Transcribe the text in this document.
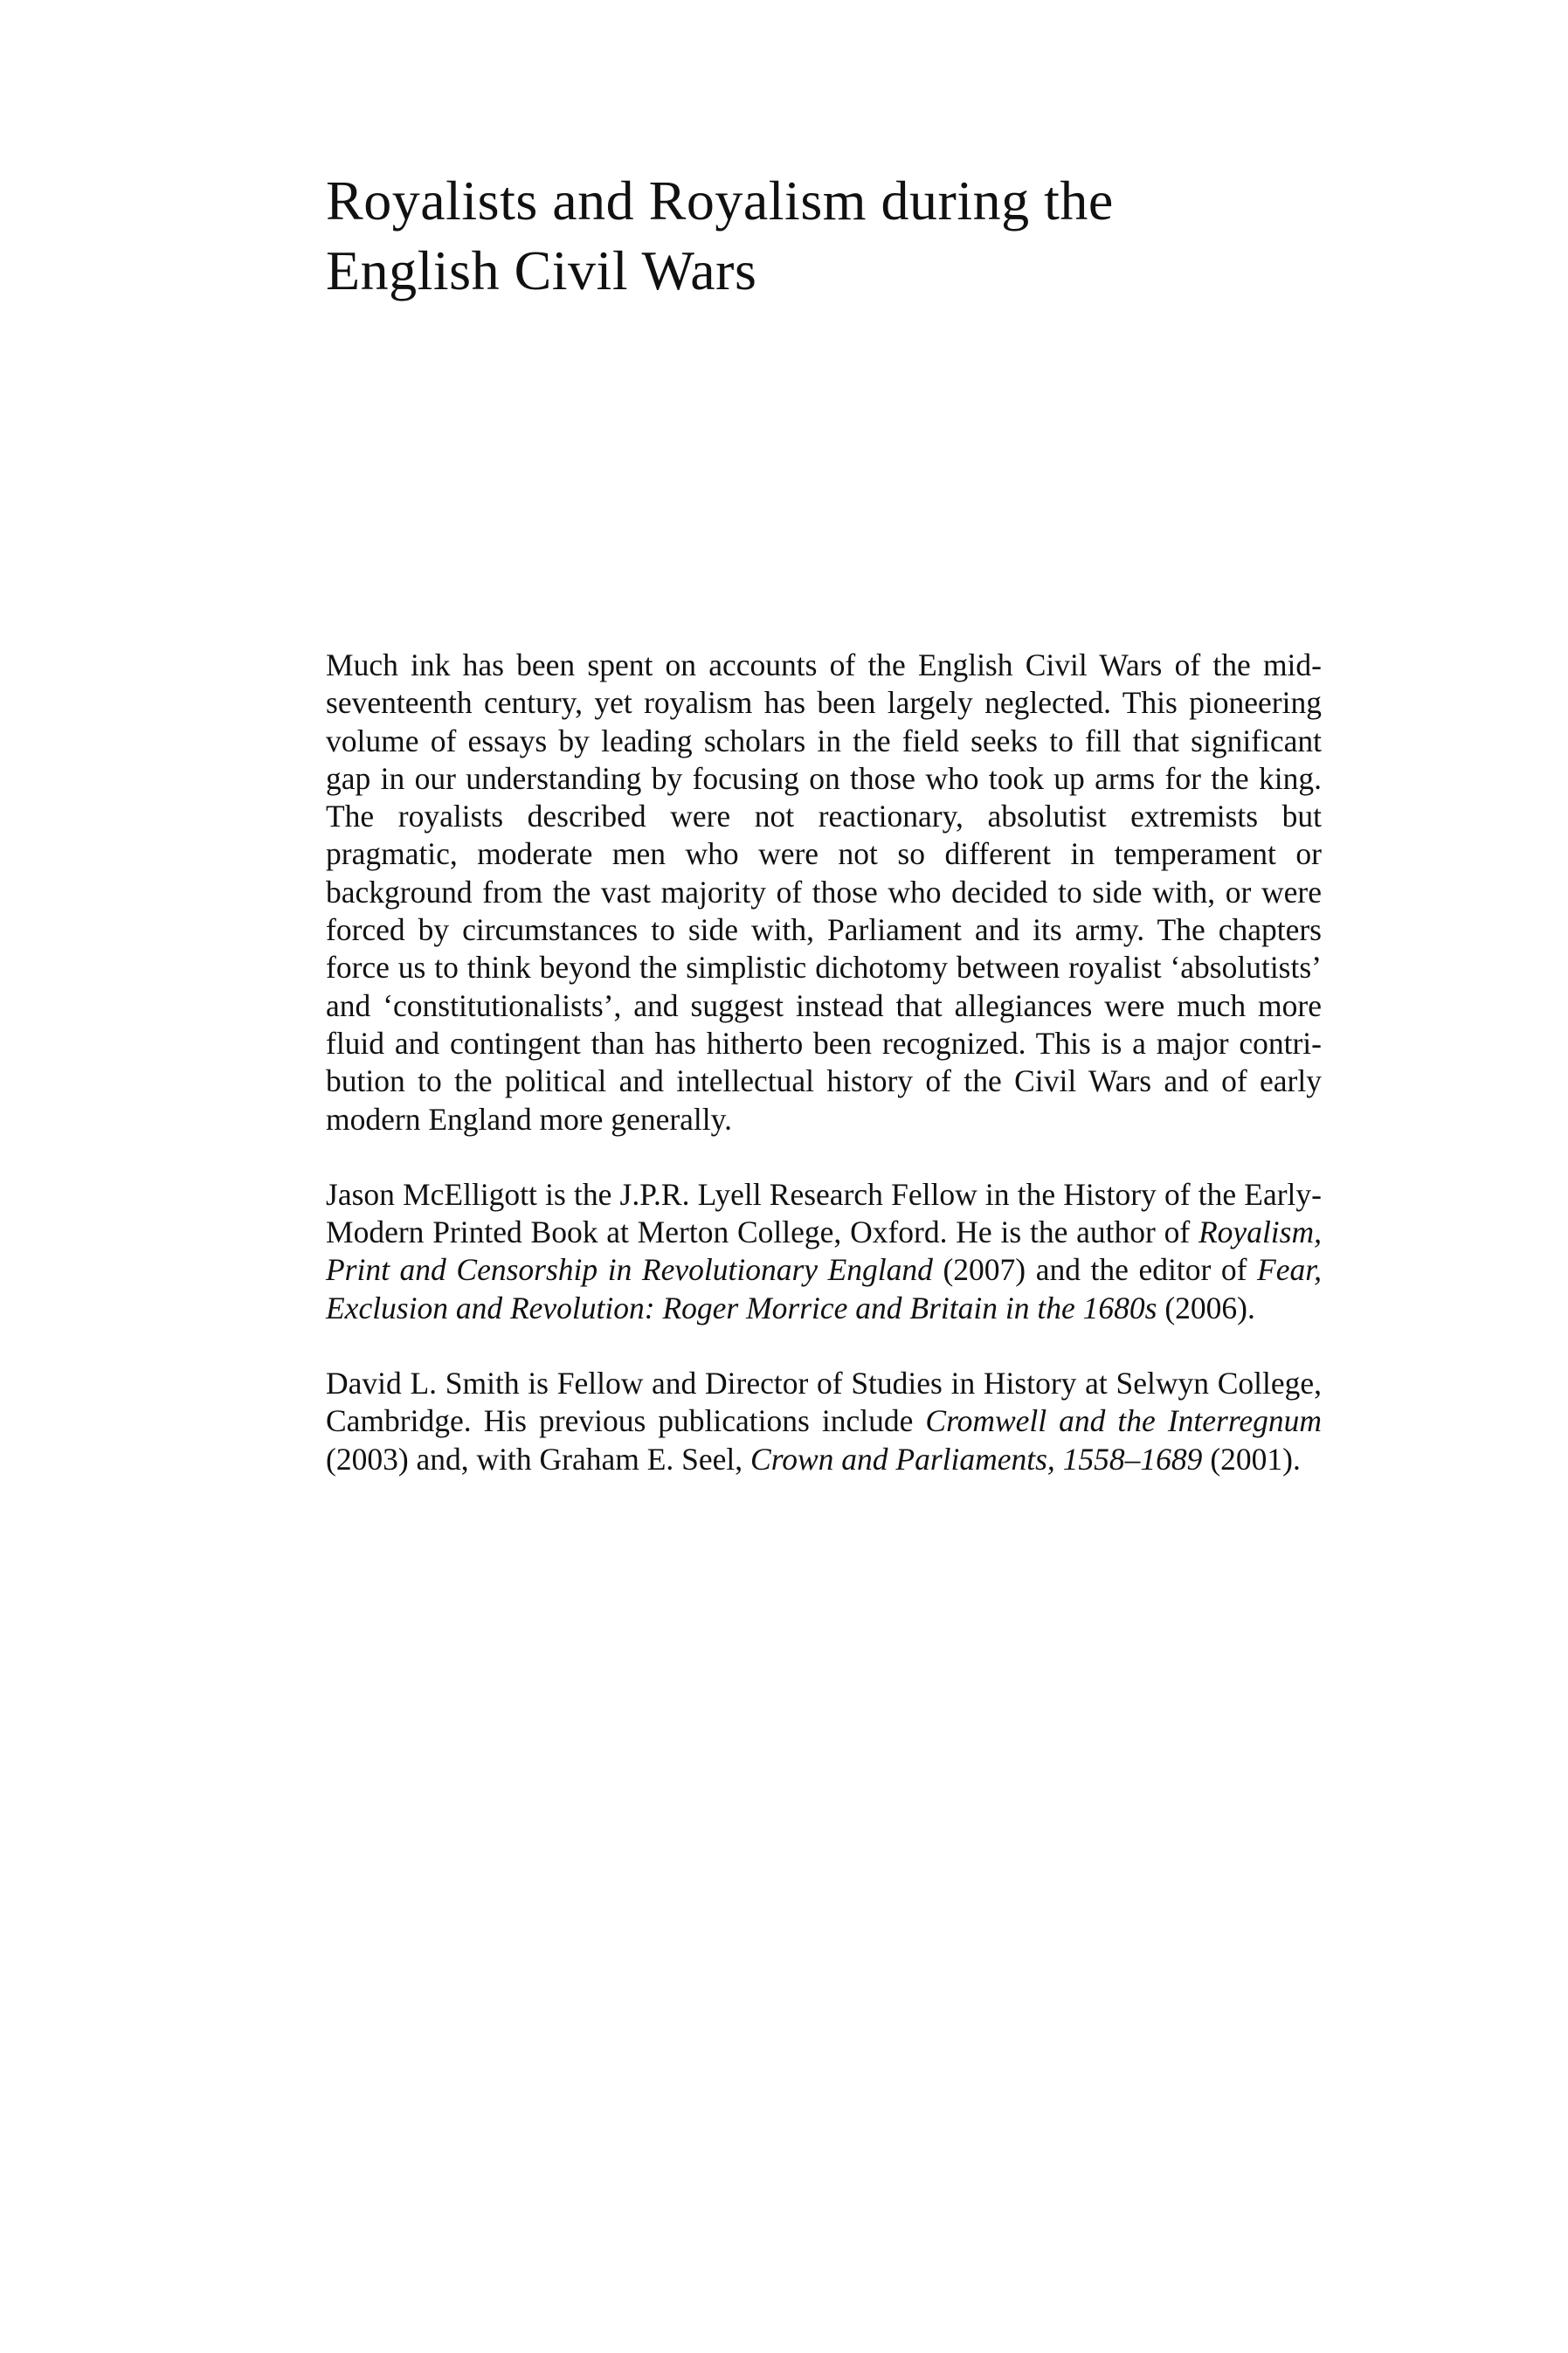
Royalists and Royalism during the
English Civil Wars

Much ink has been spent on accounts of the English Civil Wars of the mid-seventeenth century, yet royalism has been largely neglected. This pioneering volume of essays by leading scholars in the field seeks to fill that significant gap in our understanding by focusing on those who took up arms for the king. The royalists described were not reactionary, absolutist extremists but pragmatic, moderate men who were not so different in temperament or background from the vast majority of those who decided to side with, or were forced by circumstances to side with, Parliament and its army. The chapters force us to think beyond the simplistic dichotomy between royalist ‘absolutists’ and ‘constitutionalists’, and suggest instead that allegiances were much more fluid and contingent than has hitherto been recognized. This is a major contribution to the political and intellectual history of the Civil Wars and of early modern England more generally.

Jason McElligott is the J.P.R. Lyell Research Fellow in the History of the Early-Modern Printed Book at Merton College, Oxford. He is the author of Royalism, Print and Censorship in Revolutionary England (2007) and the editor of Fear, Exclusion and Revolution: Roger Morrice and Britain in the 1680s (2006).

David L. Smith is Fellow and Director of Studies in History at Selwyn College, Cambridge. His previous publications include Cromwell and the Interregnum (2003) and, with Graham E. Seel, Crown and Parliaments, 1558–1689 (2001).
